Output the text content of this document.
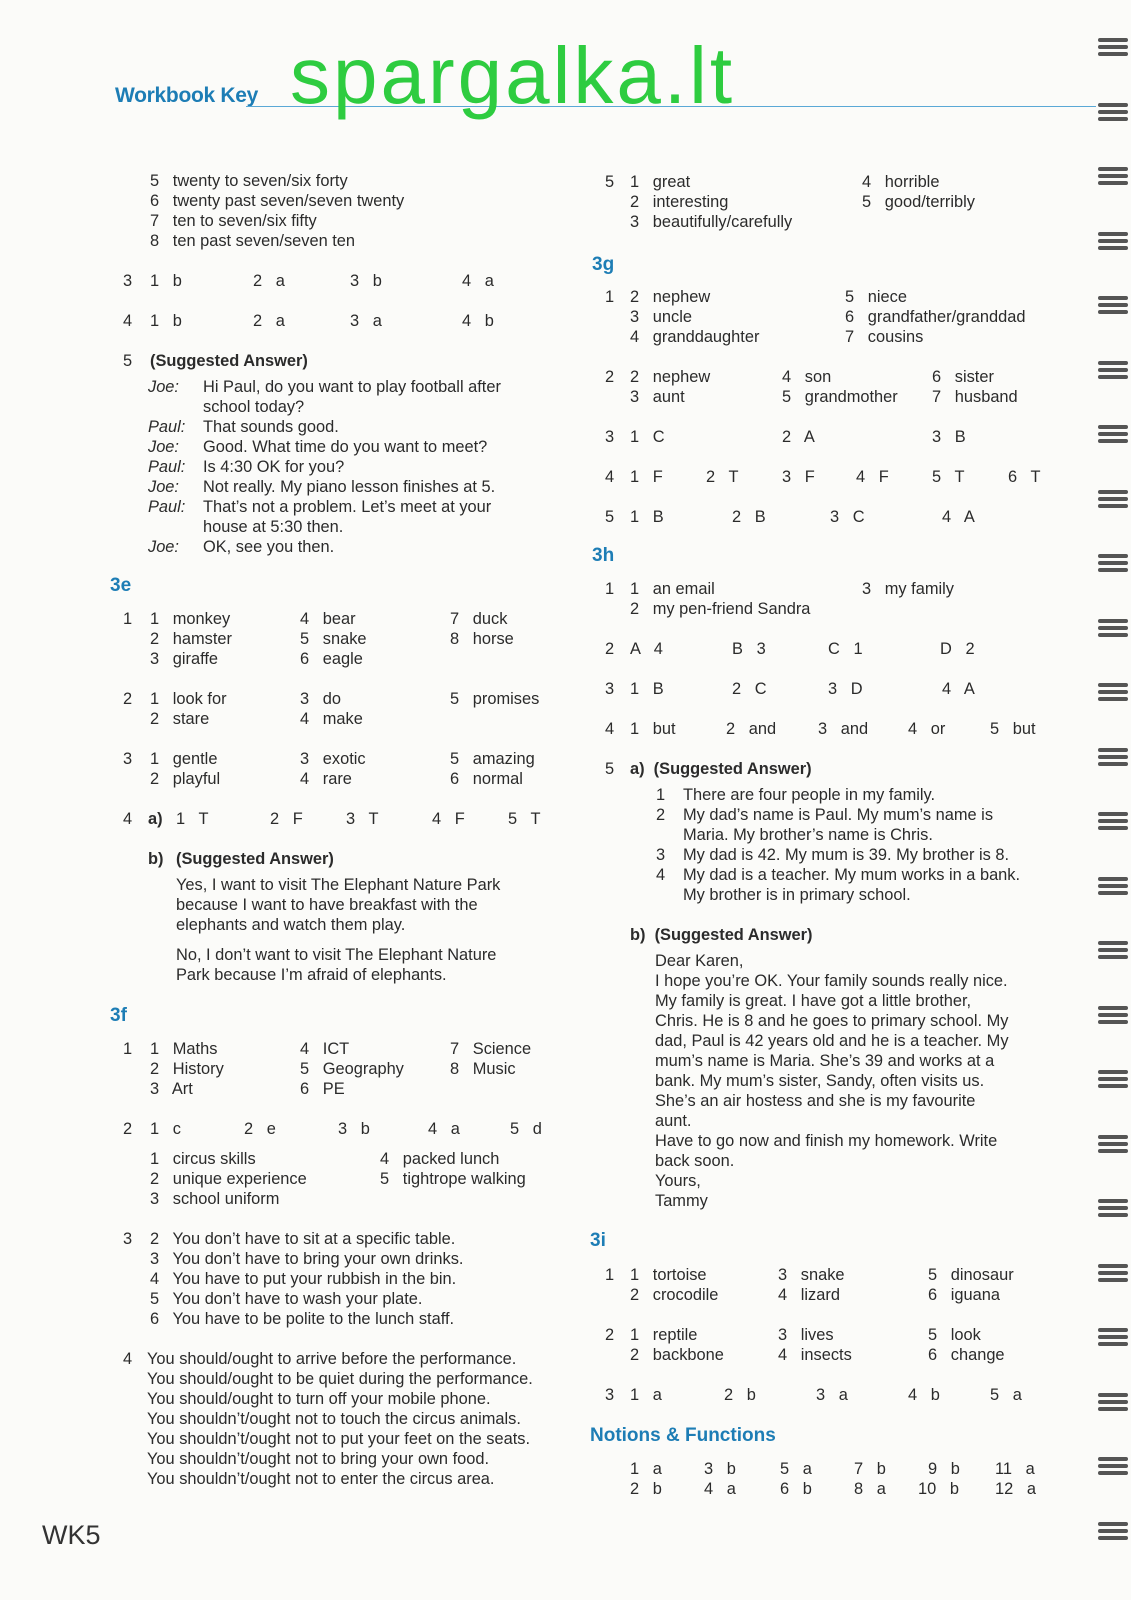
Workbook Key spargalka.lt
5   twenty to seven/six forty
6   twenty past seven/seven twenty
7   ten to seven/six fifty
8   ten past seven/seven ten
3 1   b	2   a	3   b	4   a
4 1   b	2   a	3   a	4   b
5 (Suggested Answer)
Joe: Hi Paul, do you want to play football after
school today?
Paul: That sounds good.
Joe: Good. What time do you want to meet?
Paul: Is 4:30 OK for you?
Joe: Not really. My piano lesson finishes at 5.
Paul: That’s not a problem. Let’s meet at your
house at 5:30 then.
Joe: OK, see you then.
3e
1 1   monkey	4   bear	7   duck
2   hamster	5   snake	8   horse
3   giraffe	6   eagle
2 1   look for	3   do	5   promises
2   stare	4   make
3 1   gentle	3   exotic	5   amazing
2   playful	4   rare	6   normal
4 a) 1   T	2   F	3   T	4   F	5   T
b) (Suggested Answer)
Yes, I want to visit The Elephant Nature Park
because I want to have breakfast with the
elephants and watch them play.
No, I don’t want to visit The Elephant Nature
Park because I’m afraid of elephants.
3f
1 1   Maths	4   ICT	7   Science
2   History	5   Geography	8   Music
3   Art	6   PE
2 1   c	2   e	3   b	4   a	5   d
1   circus skills	4   packed lunch
2   unique experience	5   tightrope walking
3   school uniform
3 2   You don’t have to sit at a specific table.
3   You don’t have to bring your own drinks.
4   You have to put your rubbish in the bin.
5   You don’t have to wash your plate.
6   You have to be polite to the lunch staff.
4 You should/ought to arrive before the performance.
You should/ought to be quiet during the performance.
You should/ought to turn off your mobile phone.
You shouldn’t/ought not to touch the circus animals.
You shouldn’t/ought not to put your feet on the seats.
You shouldn’t/ought not to bring your own food.
You shouldn’t/ought not to enter the circus area.
5 1   great	4   horrible
2   interesting	5   good/terribly
3   beautifully/carefully
3g
1 2   nephew	5   niece
3   uncle	6   grandfather/granddad
4   granddaughter	7   cousins
2 2   nephew	4   son	6   sister
3   aunt	5   grandmother 7   husband
3 1   C	2   A	3   B
4 1   F	2   T	3   F	4   F	5   T	6   T
5 1   B	2   B	3   C	4   A
3h
1 1   an email	3   my family
2   my pen-friend Sandra
2 A   4	B   3	C   1	D   2
3 1   B	2   C	3   D	4   A
4 1   but	2   and	3   and 4   or	5   but
5 a)  (Suggested Answer)
1 There are four people in my family.
2 My dad’s name is Paul. My mum’s name is
Maria. My brother’s name is Chris.
3 My dad is 42. My mum is 39. My brother is 8.
4 My dad is a teacher. My mum works in a bank.
My brother is in primary school.
b)  (Suggested Answer)
Dear Karen,
I hope you’re OK. Your family sounds really nice.
My family is great. I have got a little brother,
Chris. He is 8 and he goes to primary school. My
dad, Paul is 42 years old and he is a teacher. My
mum’s name is Maria. She’s 39 and works at a
bank. My mum’s sister, Sandy, often visits us.
She’s an air hostess and she is my favourite
aunt.
Have to go now and finish my homework. Write
back soon.
Yours,
Tammy
3i
1 1   tortoise	3   snake	5   dinosaur
2   crocodile	4   lizard	6   iguana
2 1   reptile	3   lives	5   look
2   backbone	4   insects	6   change
3 1   a	2   b	3   a	4   b	5   a
Notions & Functions
1   a	3   b	5   a	7   b	9   b 11   a
2   b	4   a	6   b	8   a 10   b 12   a
WK5
